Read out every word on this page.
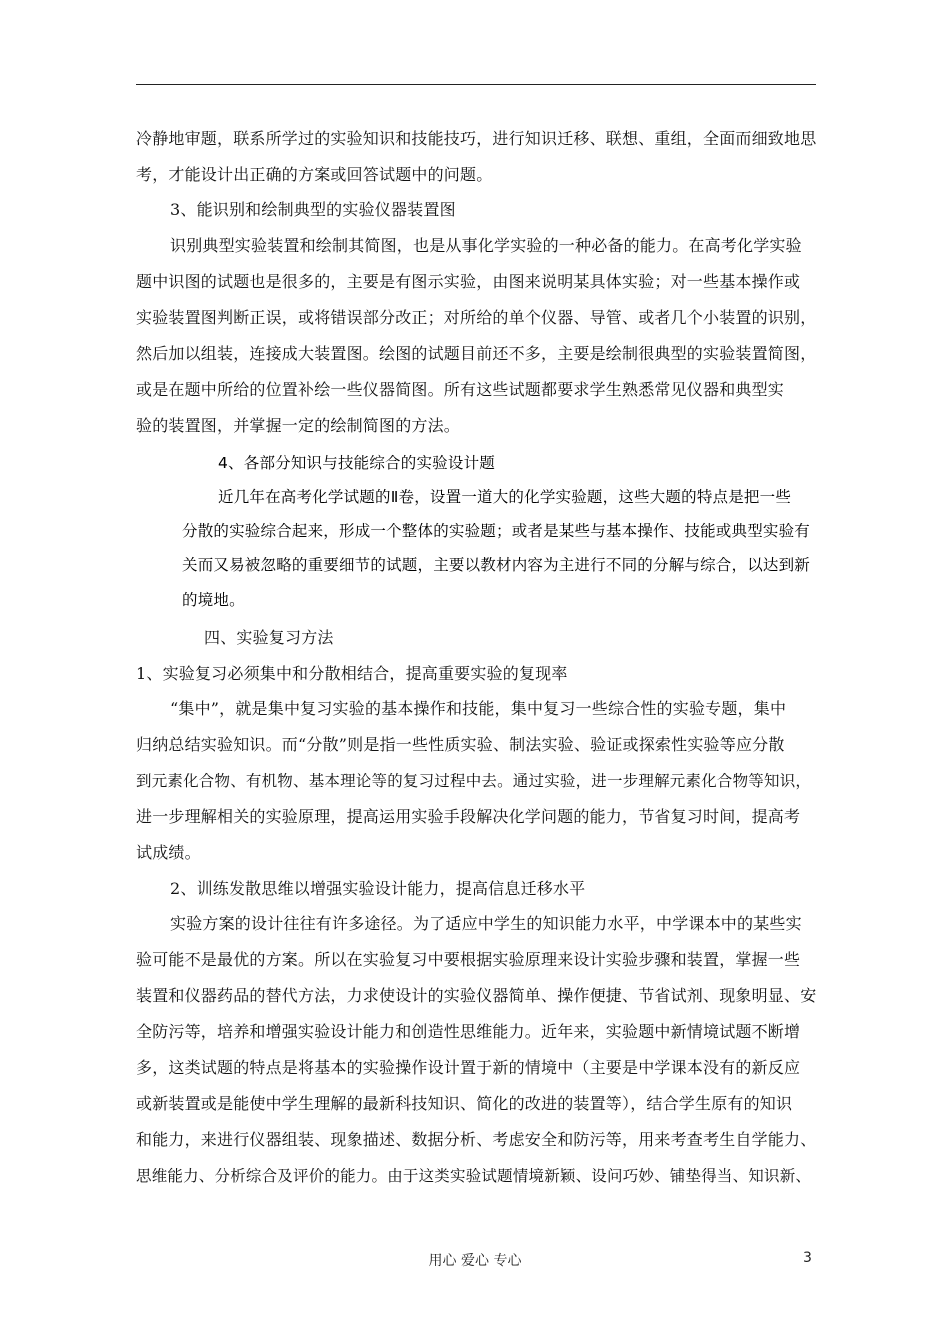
冷静地审题，联系所学过的实验知识和技能技巧，进行知识迁移、联想、重组，全面而细致地思
考，才能设计出正确的方案或回答试题中的问题。
3、能识别和绘制典型的实验仪器装置图
识别典型实验装置和绘制其简图，也是从事化学实验的一种必备的能力。在高考化学实验
题中识图的试题也是很多的，主要是有图示实验，由图来说明某具体实验；对一些基本操作或
实验装置图判断正误，或将错误部分改正；对所给的单个仪器、导管、或者几个小装置的识别，
然后加以组装，连接成大装置图。绘图的试题目前还不多，主要是绘制很典型的实验装置简图，
或是在题中所给的位置补绘一些仪器简图。所有这些试题都要求学生熟悉常见仪器和典型实
验的装置图，并掌握一定的绘制简图的方法。
4、各部分知识与技能综合的实验设计题
近几年在高考化学试题的Ⅱ卷，设置一道大的化学实验题，这些大题的特点是把一些
分散的实验综合起来，形成一个整体的实验题；或者是某些与基本操作、技能或典型实验有
关而又易被忽略的重要细节的试题，主要以教材内容为主进行不同的分解与综合，以达到新
的境地。
四、实验复习方法
1、实验复习必须集中和分散相结合，提高重要实验的复现率
“集中”，就是集中复习实验的基本操作和技能，集中复习一些综合性的实验专题，集中
归纳总结实验知识。而“分散”则是指一些性质实验、制法实验、验证或探索性实验等应分散
到元素化合物、有机物、基本理论等的复习过程中去。通过实验，进一步理解元素化合物等知识，
进一步理解相关的实验原理，提高运用实验手段解决化学问题的能力，节省复习时间，提高考
试成绩。
2、训练发散思维以增强实验设计能力，提高信息迁移水平
实验方案的设计往往有许多途径。为了适应中学生的知识能力水平，中学课本中的某些实
验可能不是最优的方案。所以在实验复习中要根据实验原理来设计实验步骤和装置，掌握一些
装置和仪器药品的替代方法，力求使设计的实验仪器简单、操作便捷、节省试剂、现象明显、安
全防污等，培养和增强实验设计能力和创造性思维能力。近年来，实验题中新情境试题不断增
多，这类试题的特点是将基本的实验操作设计置于新的情境中（主要是中学课本没有的新反应
或新装置或是能使中学生理解的最新科技知识、简化的改进的装置等），结合学生原有的知识
和能力，来进行仪器组装、现象描述、数据分析、考虑安全和防污等，用来考查考生自学能力、
思维能力、分析综合及评价的能力。由于这类实验试题情境新颖、设问巧妙、铺垫得当、知识新、
用心 爱心 专心	3
